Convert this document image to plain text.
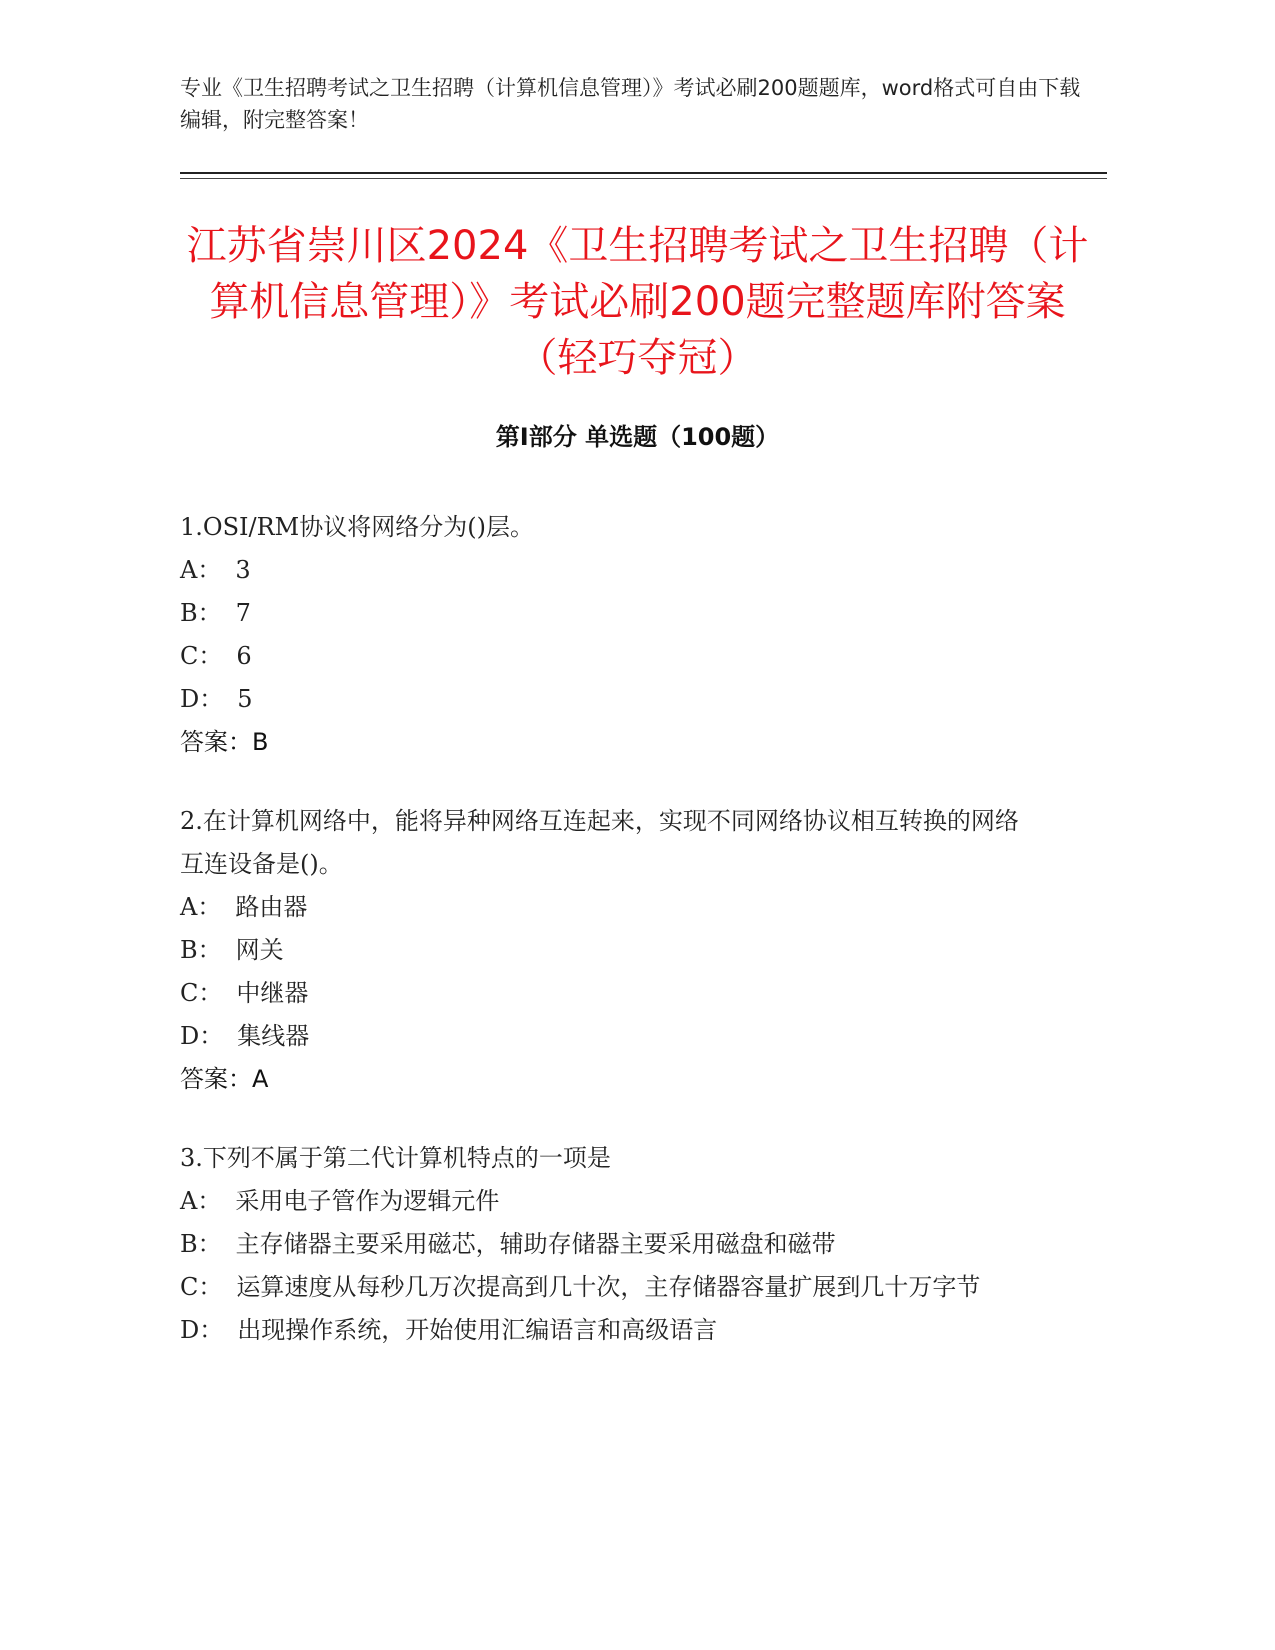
专业《卫生招聘考试之卫生招聘（计算机信息管理）》考试必刷200题题库，word格式可自由下载编辑，附完整答案！
江苏省崇川区2024《卫生招聘考试之卫生招聘（计算机信息管理）》考试必刷200题完整题库附答案（轻巧夺冠）
第Ⅰ部分 单选题（100题）

1.OSI/RM协议将网络分为()层。

A： 3

B： 7

C： 6

D： 5

答案：B

2.在计算机网络中，能将异种网络互连起来，实现不同网络协议相互转换的网络互连设备是()。

A： 路由器

B： 网关

C： 中继器

D： 集线器

答案：A

3.下列不属于第二代计算机特点的一项是

A： 采用电子管作为逻辑元件

B： 主存储器主要采用磁芯，辅助存储器主要采用磁盘和磁带

C： 运算速度从每秒几万次提高到几十次，主存储器容量扩展到几十万字节

D： 出现操作系统，开始使用汇编语言和高级语言
